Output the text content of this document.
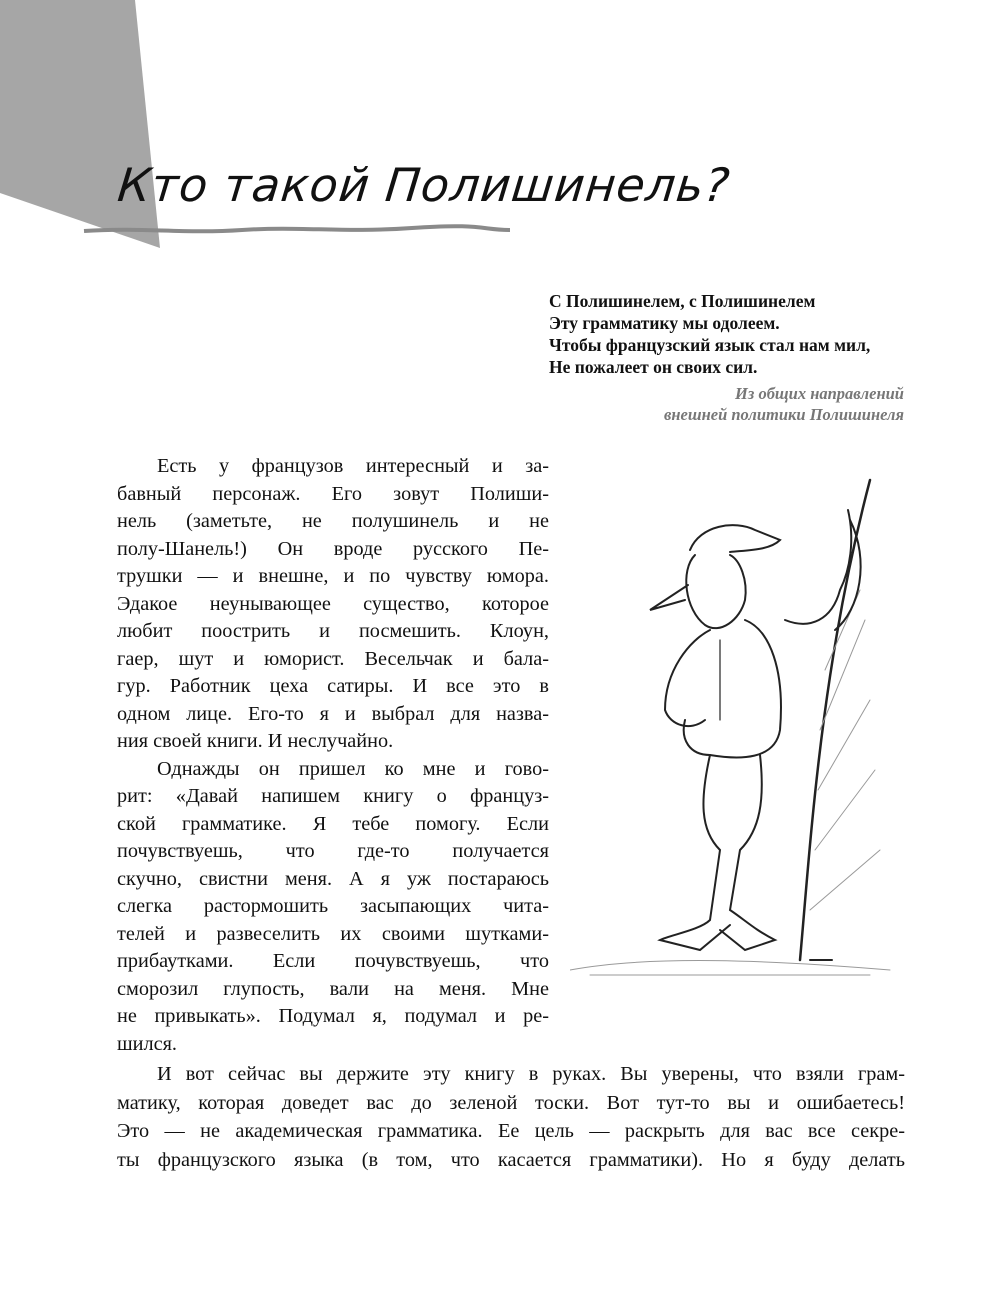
Кто такой Полишинель?
С Полишинелем, с Полишинелем
Эту грамматику мы одолеем.
Чтобы французский язык стал нам мил,
Не пожалеет он своих сил.
Из общих направлений
внешней политики Полишинеля
Есть у французов интересный и за-
бавный персонаж. Его зовут Полиши-
нель (заметьте, не полушинель и не
полу-Шанель!) Он вроде русского Пе-
трушки — и внешне, и по чувству юмора.
Эдакое неунывающее существо, которое
любит поострить и посмешить. Клоун,
гаер, шут и юморист. Весельчак и бала-
гур. Работник цеха сатиры. И все это в
одном лице. Его-то я и выбрал для назва-
ния своей книги. И неслучайно.
Однажды он пришел ко мне и гово-
рит: «Давай напишем книгу о француз-
ской грамматике. Я тебе помогу. Если
почувствуешь, что где-то получается
скучно, свистни меня. А я уж постараюсь
слегка растормошить засыпающих чита-
телей и развеселить их своими шутками-
прибаутками. Если почувствуешь, что
сморозил глупость, вали на меня. Мне
не привыкать». Подумал я, подумал и ре-
шился.
И вот сейчас вы держите эту книгу в руках. Вы уверены, что взяли грам-
матику, которая доведет вас до зеленой тоски. Вот тут-то вы и ошибаетесь!
Это — не академическая грамматика. Ее цель — раскрыть для вас все секре-
ты французского языка (в том, что касается грамматики). Но я буду делать
